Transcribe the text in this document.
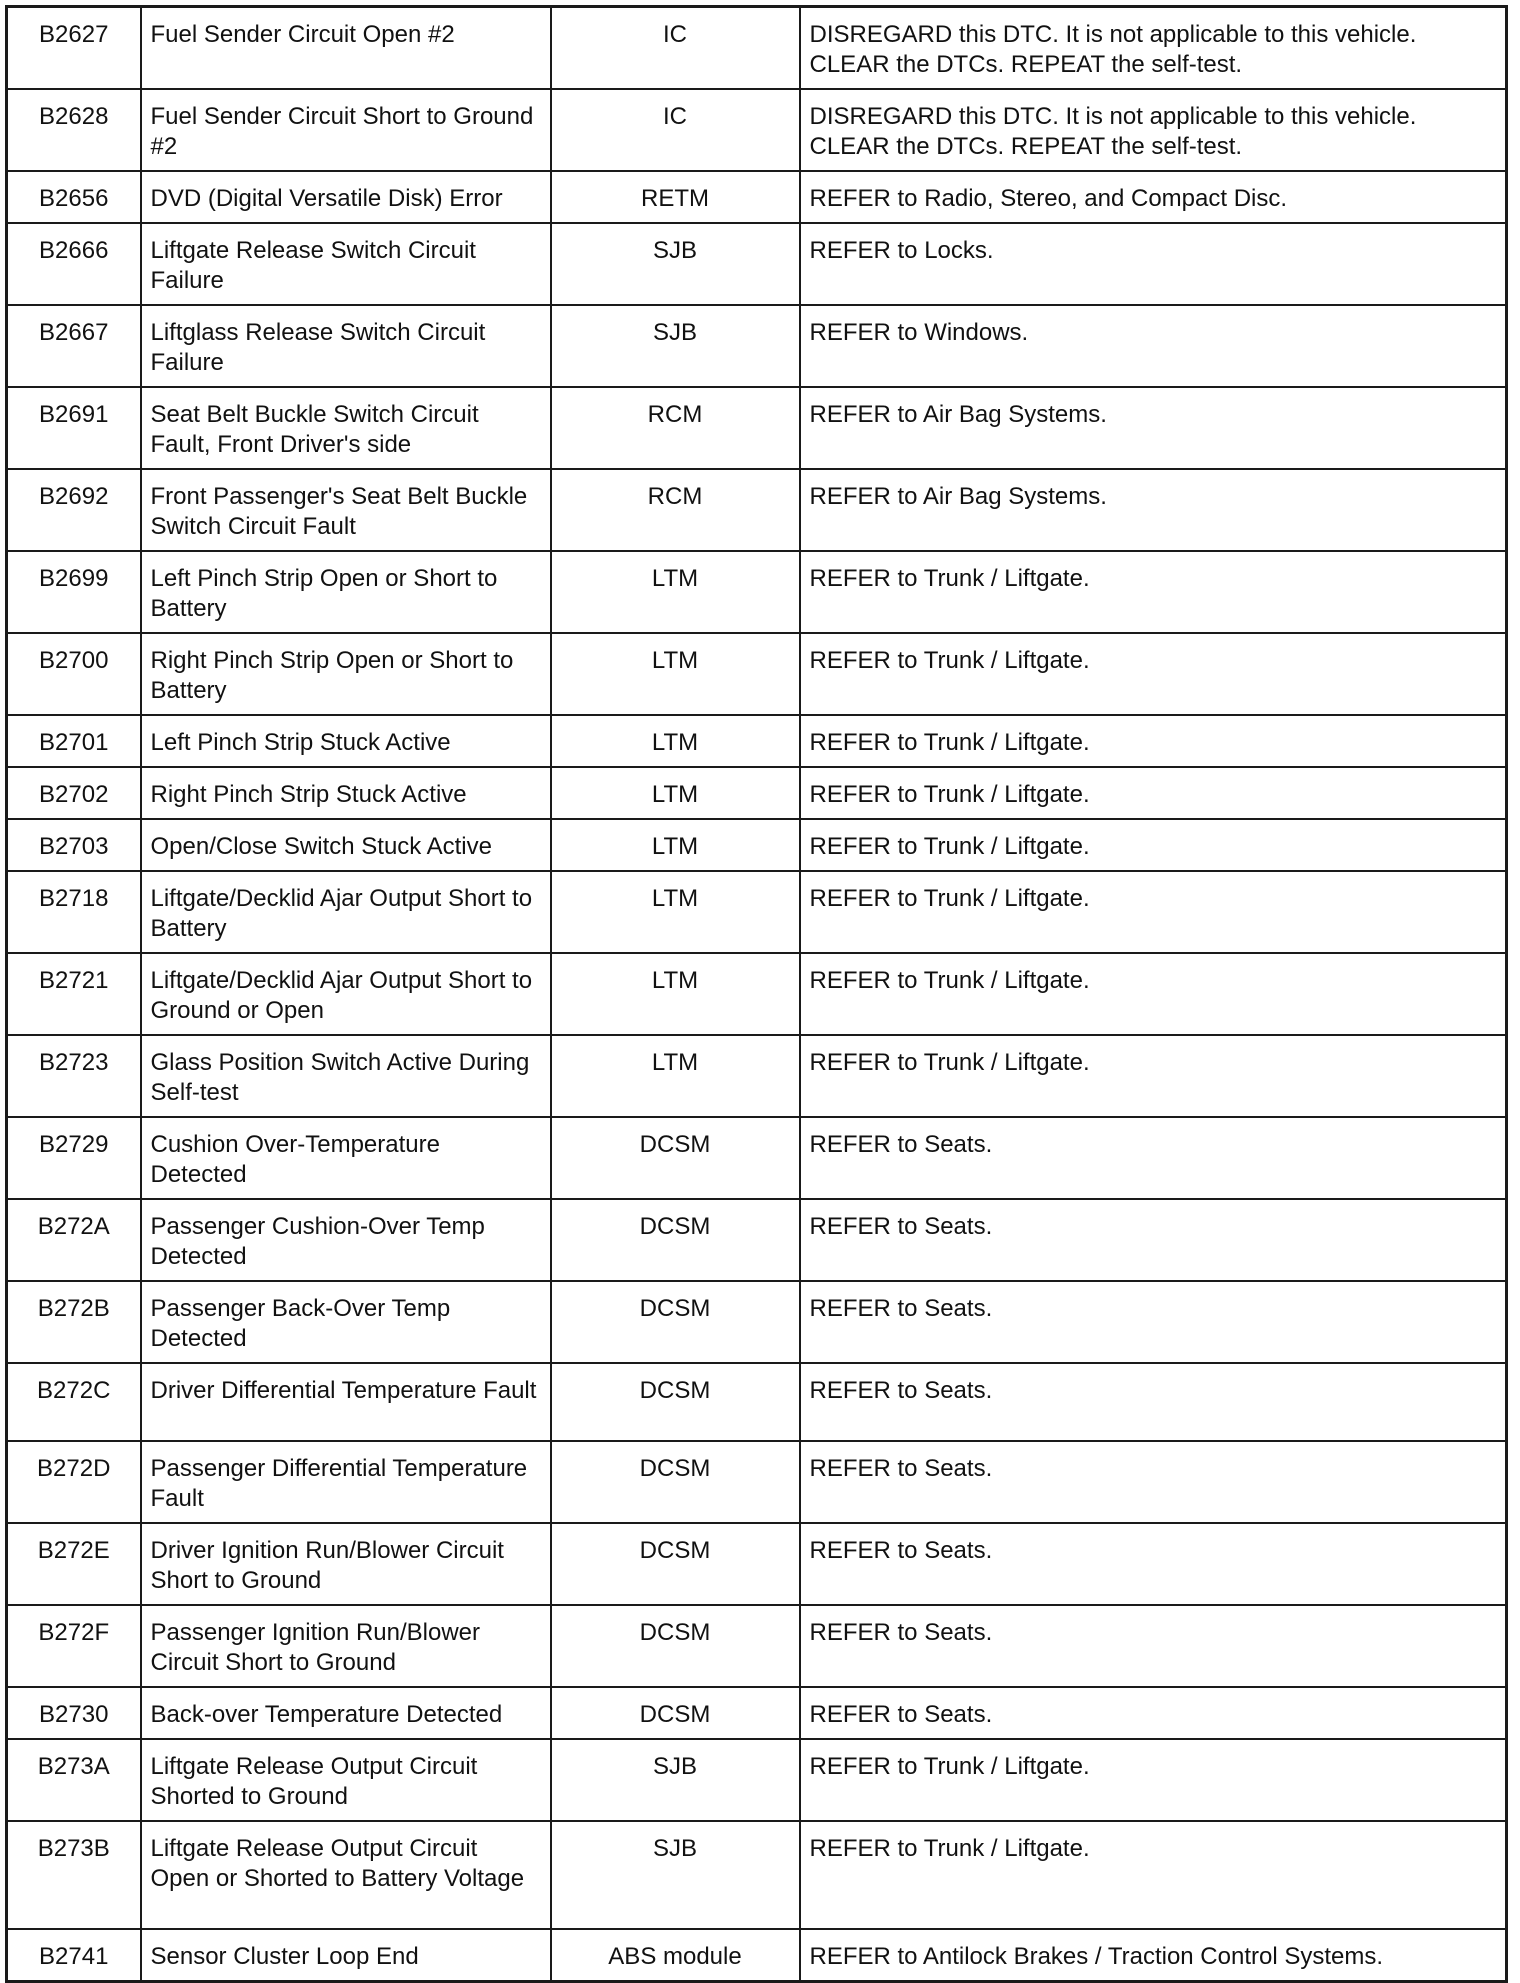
B2627	Fuel Sender Circuit Open #2	IC	DISREGARD this DTC. It is not applicable to this vehicle. CLEAR the DTCs. REPEAT the self-test.
B2628	Fuel Sender Circuit Short to Ground #2	IC	DISREGARD this DTC. It is not applicable to this vehicle. CLEAR the DTCs. REPEAT the self-test.
B2656	DVD (Digital Versatile Disk) Error	RETM	REFER to Radio, Stereo, and Compact Disc.
B2666	Liftgate Release Switch Circuit Failure	SJB	REFER to Locks.
B2667	Liftglass Release Switch Circuit Failure	SJB	REFER to Windows.
B2691	Seat Belt Buckle Switch Circuit Fault, Front Driver's side	RCM	REFER to Air Bag Systems.
B2692	Front Passenger's Seat Belt Buckle Switch Circuit Fault	RCM	REFER to Air Bag Systems.
B2699	Left Pinch Strip Open or Short to Battery	LTM	REFER to Trunk / Liftgate.
B2700	Right Pinch Strip Open or Short to Battery	LTM	REFER to Trunk / Liftgate.
B2701	Left Pinch Strip Stuck Active	LTM	REFER to Trunk / Liftgate.
B2702	Right Pinch Strip Stuck Active	LTM	REFER to Trunk / Liftgate.
B2703	Open/Close Switch Stuck Active	LTM	REFER to Trunk / Liftgate.
B2718	Liftgate/Decklid Ajar Output Short to Battery	LTM	REFER to Trunk / Liftgate.
B2721	Liftgate/Decklid Ajar Output Short to Ground or Open	LTM	REFER to Trunk / Liftgate.
B2723	Glass Position Switch Active During Self-test	LTM	REFER to Trunk / Liftgate.
B2729	Cushion Over-Temperature Detected	DCSM	REFER to Seats.
B272A	Passenger Cushion-Over Temp Detected	DCSM	REFER to Seats.
B272B	Passenger Back-Over Temp Detected	DCSM	REFER to Seats.
B272C	Driver Differential Temperature Fault	DCSM	REFER to Seats.
B272D	Passenger Differential Temperature Fault	DCSM	REFER to Seats.
B272E	Driver Ignition Run/Blower Circuit Short to Ground	DCSM	REFER to Seats.
B272F	Passenger Ignition Run/Blower Circuit Short to Ground	DCSM	REFER to Seats.
B2730	Back-over Temperature Detected	DCSM	REFER to Seats.
B273A	Liftgate Release Output Circuit Shorted to Ground	SJB	REFER to Trunk / Liftgate.
B273B	Liftgate Release Output Circuit Open or Shorted to Battery Voltage	SJB	REFER to Trunk / Liftgate.
B2741	Sensor Cluster Loop End	ABS module	REFER to Antilock Brakes / Traction Control Systems.
